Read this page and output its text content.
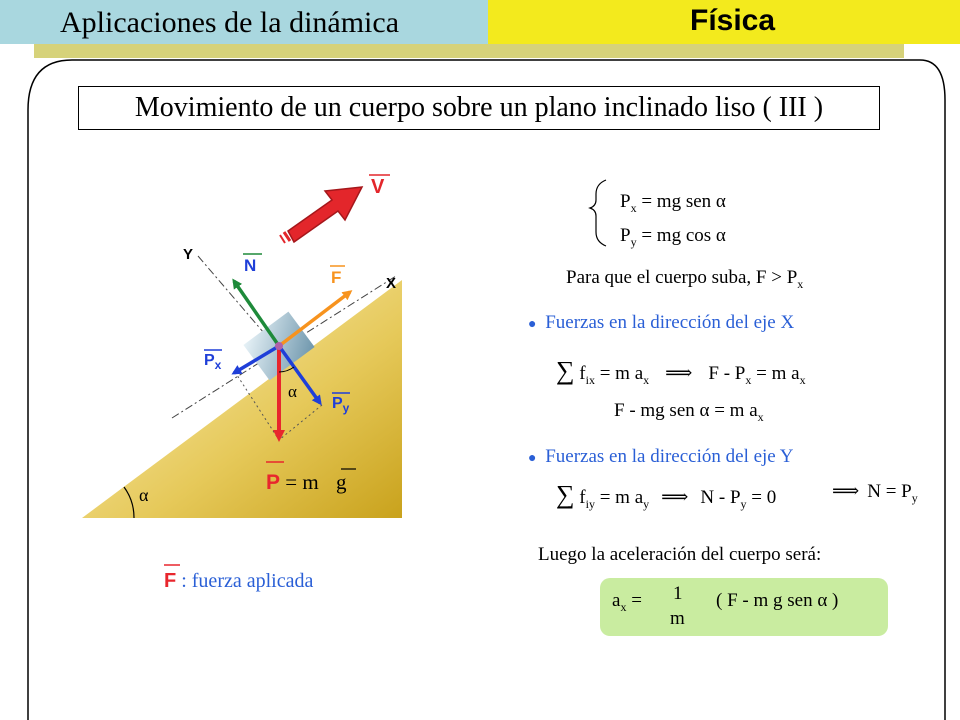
Aplicaciones de la dinámica	Física
Movimiento de un cuerpo sobre un plano inclinado liso ( III )
V
Y
X
N
F
$P_x$
$P_y$
α
α
P = m g
F : fuerza aplicada
$P_x$ = mg sen α
$P_y$ = mg cos α
Para que el cuerpo suba, $F > P_x$
● Fuerzas en la dirección del eje X
∑ $f_{ix} = m$ $a_x$ ⟹ $F - P_x = m$ $a_x$
F - mg sen α = m $a_x$
● Fuerzas en la dirección del eje Y
∑ $f_{iy} = m$ $a_y$ ⟹ $N - P_y = 0$	⟹ $N = P_y$
Luego la aceleración del cuerpo será:
$a_x = 1$
m
( F - m g sen α )
